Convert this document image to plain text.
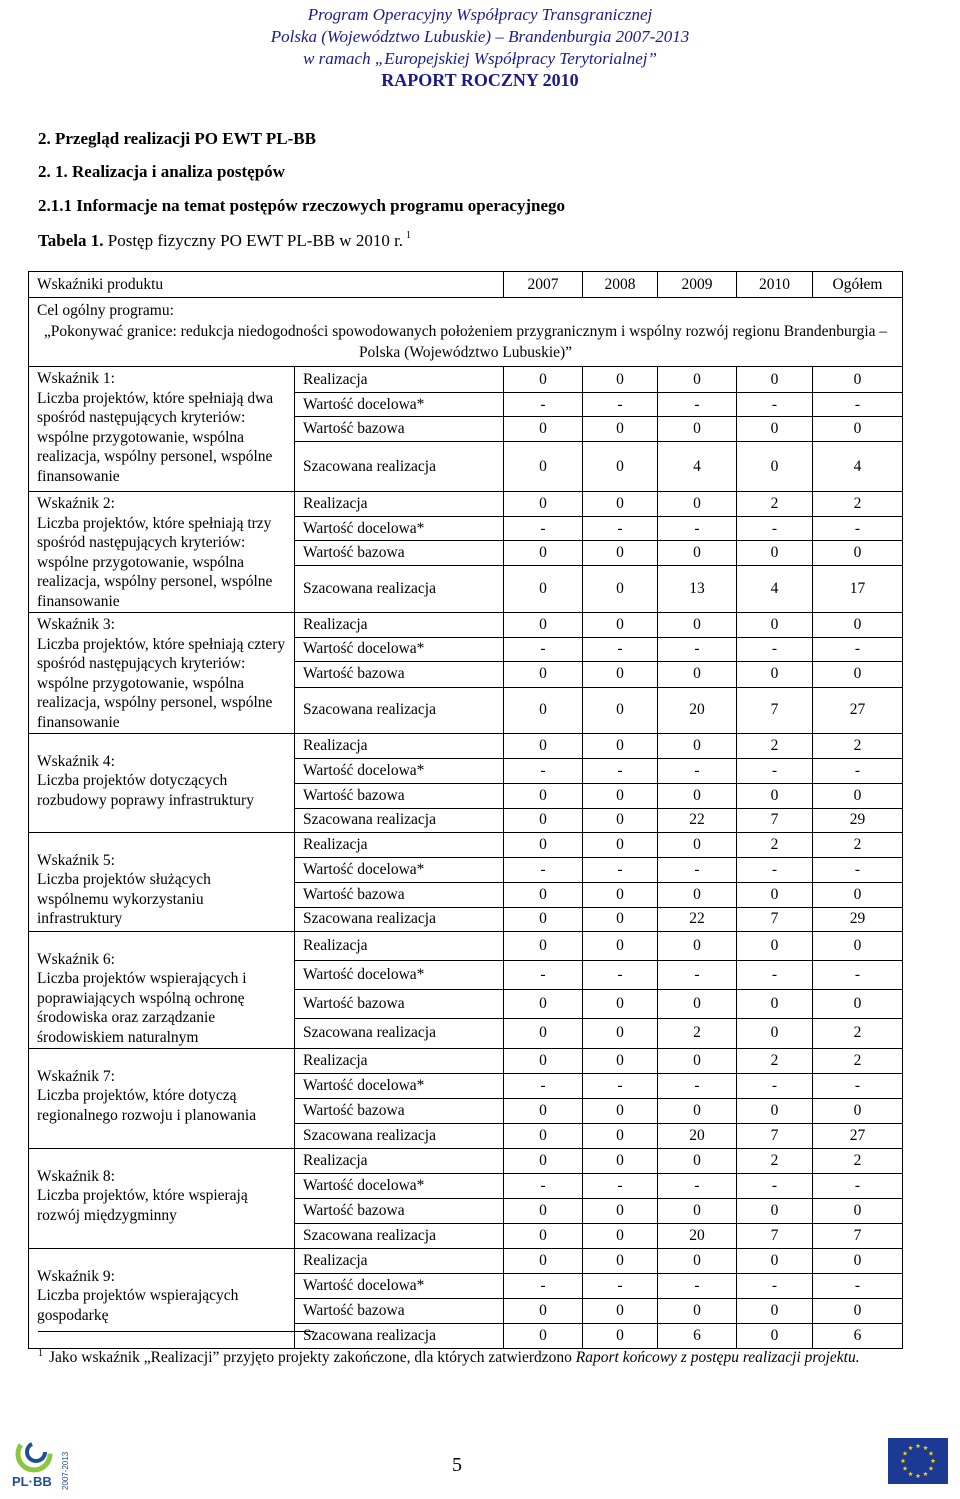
Program Operacyjny Współpracy Transgranicznej
Polska (Województwo Lubuskie) – Brandenburgia 2007-2013
w ramach „Europejskiej Współpracy Terytorialnej”
RAPORT ROCZNY 2010
2. Przegląd realizacji PO EWT PL-BB
2. 1. Realizacja i analiza postępów
2.1.1 Informacje na temat postępów rzeczowych programu operacyjnego
Tabela 1. Postęp fizyczny PO EWT PL-BB w 2010 r. $^1$
Wskaźniki produktu		2007	2008	2009	2010	Ogółem

Cel ogólny programu:
„Pokonywać granice: redukcja niedogodności spowodowanych położeniem przygranicznym i wspólny rozwój regionu Brandenburgia – Polska (Województwo Lubuskie)”						

Wskaźnik 1:
Liczba projektów, które spełniają dwa spośród następujących kryteriów: wspólne przygotowanie, wspólna realizacja, wspólny personel, wspólne finansowanie	Realizacja	0	0	0	0	0
	Wartość docelowa*	-	-	-	-	-
	Wartość bazowa	0	0	0	0	0
	Szacowana realizacja	0	0	4	0	4

Wskaźnik 2:
Liczba projektów, które spełniają trzy spośród następujących kryteriów: wspólne przygotowanie, wspólna realizacja, wspólny personel, wspólne finansowanie	Realizacja	0	0	0	2	2
	Wartość docelowa*	-	-	-	-	-
	Wartość bazowa	0	0	0	0	0
	Szacowana realizacja	0	0	13	4	17

Wskaźnik 3:
Liczba projektów, które spełniają cztery spośród następujących kryteriów: wspólne przygotowanie, wspólna realizacja, wspólny personel, wspólne finansowanie	Realizacja	0	0	0	0	0
	Wartość docelowa*	-	-	-	-	-
	Wartość bazowa	0	0	0	0	0
	Szacowana realizacja	0	0	20	7	27

Wskaźnik 4:
Liczba projektów dotyczących rozbudowy poprawy infrastruktury	Realizacja	0	0	0	2	2
	Wartość docelowa*	-	-	-	-	-
	Wartość bazowa	0	0	0	0	0
	Szacowana realizacja	0	0	22	7	29

Wskaźnik 5:
Liczba projektów służących wspólnemu wykorzystaniu infrastruktury	Realizacja	0	0	0	2	2
	Wartość docelowa*	-	-	-	-	-
	Wartość bazowa	0	0	0	0	0
	Szacowana realizacja	0	0	22	7	29

Wskaźnik 6:
Liczba projektów wspierających i poprawiających wspólną ochronę środowiska oraz zarządzanie środowiskiem naturalnym	Realizacja	0	0	0	0	0
	Wartość docelowa*	-	-	-	-	-
	Wartość bazowa	0	0	0	0	0
	Szacowana realizacja	0	0	2	0	2

Wskaźnik 7:
Liczba projektów, które dotyczą regionalnego rozwoju i planowania	Realizacja	0	0	0	2	2
	Wartość docelowa*	-	-	-	-	-
	Wartość bazowa	0	0	0	0	0
	Szacowana realizacja	0	0	20	7	27

Wskaźnik 8:
Liczba projektów, które wspierają rozwój międzygminny	Realizacja	0	0	0	2	2
	Wartość docelowa*	-	-	-	-	-
	Wartość bazowa	0	0	0	0	0
	Szacowana realizacja	0	0	20	7	7

Wskaźnik 9:
Liczba projektów wspierających gospodarkę	Realizacja	0	0	0	0	0
	Wartość docelowa*	-	-	-	-	-
	Wartość bazowa	0	0	0	0	0
	Szacowana realizacja	0	0	6	0	6
$^1$ Jako wskaźnik „Realizacji” przyjęto projekty zakończone, dla których zatwierdzono Raport końcowy z postępu realizacji projektu.
5
PL·BB 2007-2013
